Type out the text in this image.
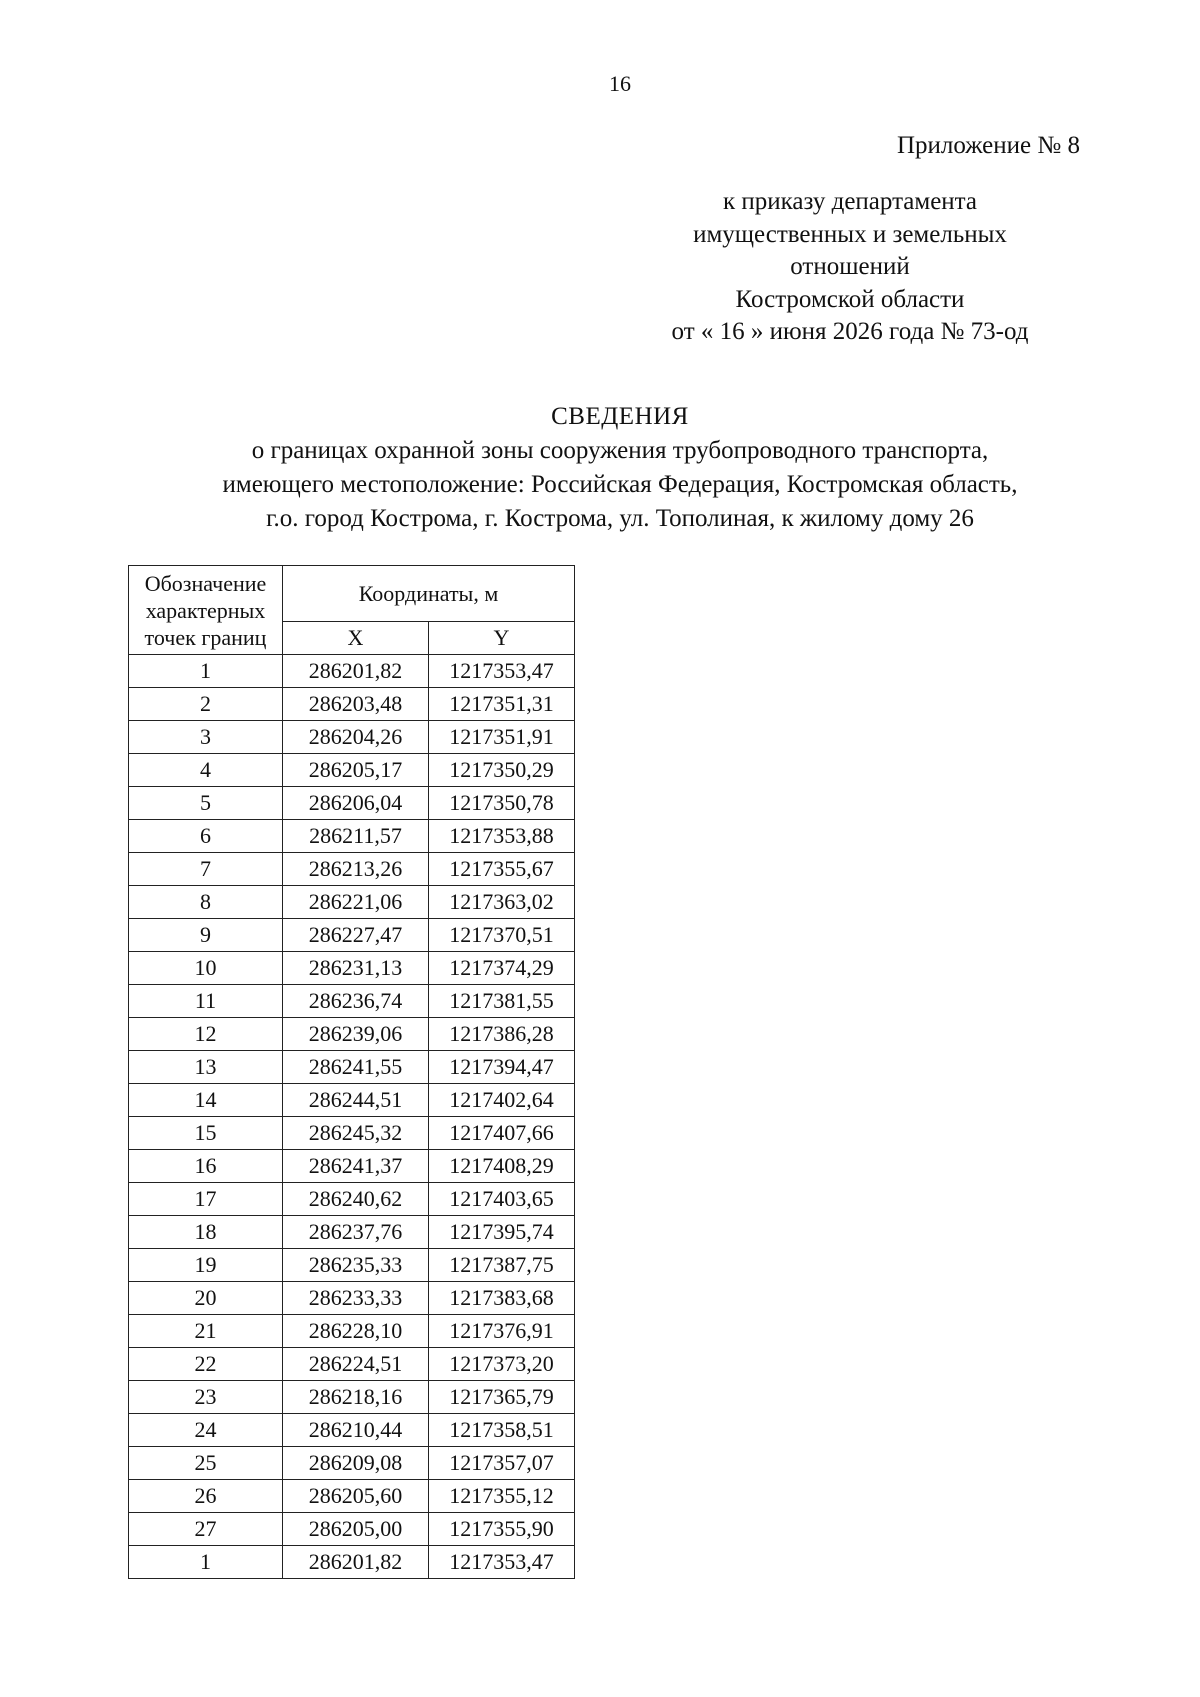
16
Приложение № 8
к приказу департамента
имущественных и земельных
отношений
Костромской области
от « 16 » июня 2026 года № 73-од
СВЕДЕНИЯ
о границах охранной зоны сооружения трубопроводного транспорта,
имеющего местоположение: Российская Федерация, Костромская область,
г.о. город Кострома, г. Кострома, ул. Тополиная, к жилому дому 26
Обозначение
характерных
точек границ	Координаты, м	
	X	Y
1	286201,82	1217353,47
2	286203,48	1217351,31
3	286204,26	1217351,91
4	286205,17	1217350,29
5	286206,04	1217350,78
6	286211,57	1217353,88
7	286213,26	1217355,67
8	286221,06	1217363,02
9	286227,47	1217370,51
10	286231,13	1217374,29
11	286236,74	1217381,55
12	286239,06	1217386,28
13	286241,55	1217394,47
14	286244,51	1217402,64
15	286245,32	1217407,66
16	286241,37	1217408,29
17	286240,62	1217403,65
18	286237,76	1217395,74
19	286235,33	1217387,75
20	286233,33	1217383,68
21	286228,10	1217376,91
22	286224,51	1217373,20
23	286218,16	1217365,79
24	286210,44	1217358,51
25	286209,08	1217357,07
26	286205,60	1217355,12
27	286205,00	1217355,90
1	286201,82	1217353,47
